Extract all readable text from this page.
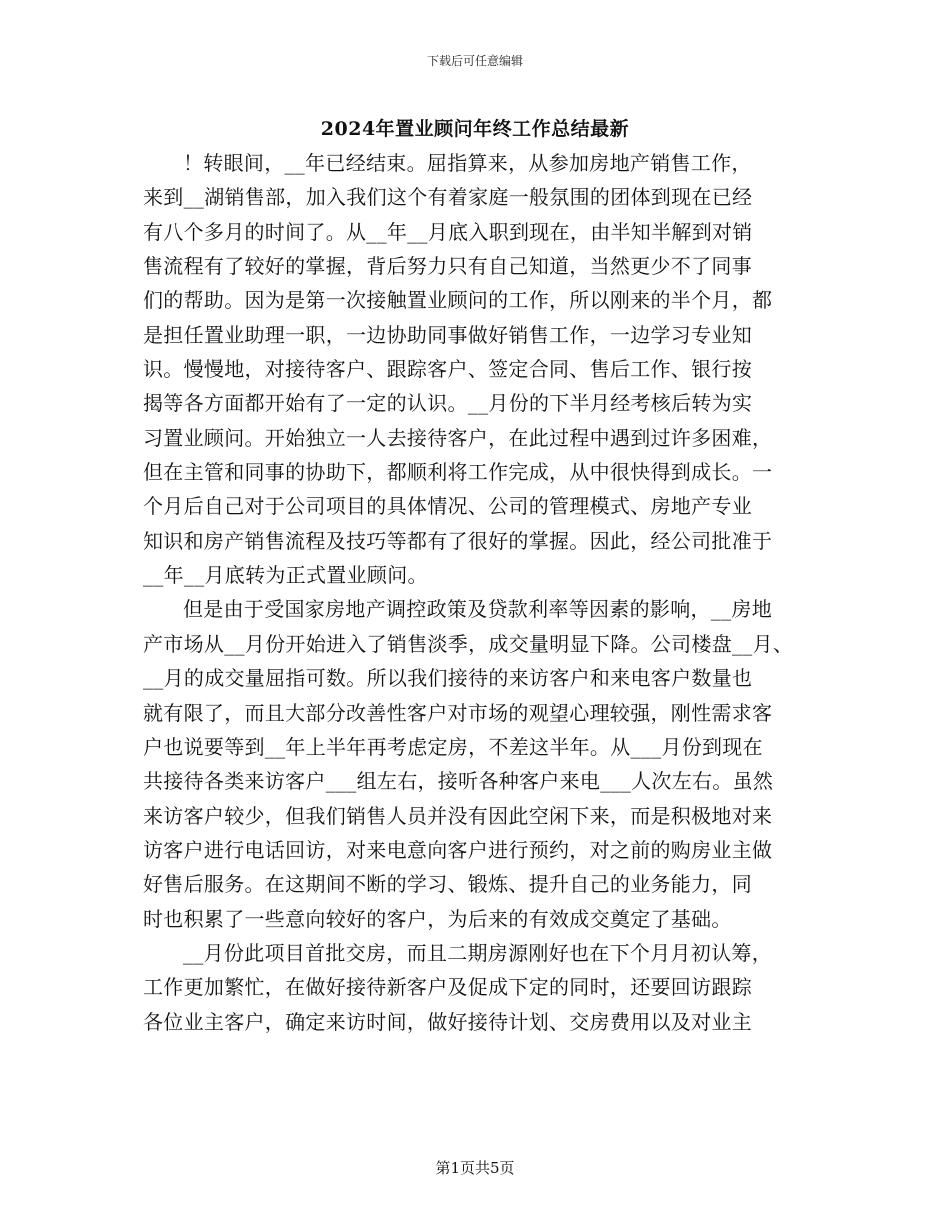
下载后可任意编辑
2024年置业顾问年终工作总结最新
！转眼间，__年已经结束。屈指算来，从参加房地产销售工作，
来到__湖销售部，加入我们这个有着家庭一般氛围的团体到现在已经
有八个多月的时间了。从__年__月底入职到现在，由半知半解到对销
售流程有了较好的掌握，背后努力只有自己知道，当然更少不了同事
们的帮助。因为是第一次接触置业顾问的工作，所以刚来的半个月，都
是担任置业助理一职，一边协助同事做好销售工作，一边学习专业知
识。慢慢地，对接待客户、跟踪客户、签定合同、售后工作、银行按
揭等各方面都开始有了一定的认识。__月份的下半月经考核后转为实
习置业顾问。开始独立一人去接待客户，在此过程中遇到过许多困难，
但在主管和同事的协助下，都顺利将工作完成，从中很快得到成长。一
个月后自己对于公司项目的具体情况、公司的管理模式、房地产专业
知识和房产销售流程及技巧等都有了很好的掌握。因此，经公司批准于
__年__月底转为正式置业顾问。
但是由于受国家房地产调控政策及贷款利率等因素的影响，__房地
产市场从__月份开始进入了销售淡季，成交量明显下降。公司楼盘__月、
__月的成交量屈指可数。所以我们接待的来访客户和来电客户数量也
就有限了，而且大部分改善性客户对市场的观望心理较强，刚性需求客
户也说要等到__年上半年再考虑定房，不差这半年。从___月份到现在
共接待各类来访客户___组左右，接听各种客户来电___人次左右。虽然
来访客户较少，但我们销售人员并没有因此空闲下来，而是积极地对来
访客户进行电话回访，对来电意向客户进行预约，对之前的购房业主做
好售后服务。在这期间不断的学习、锻炼、提升自己的业务能力，同
时也积累了一些意向较好的客户，为后来的有效成交奠定了基础。
__月份此项目首批交房，而且二期房源刚好也在下个月月初认筹，
工作更加繁忙，在做好接待新客户及促成下定的同时，还要回访跟踪
各位业主客户，确定来访时间，做好接待计划、交房费用以及对业主
第1页共5页
